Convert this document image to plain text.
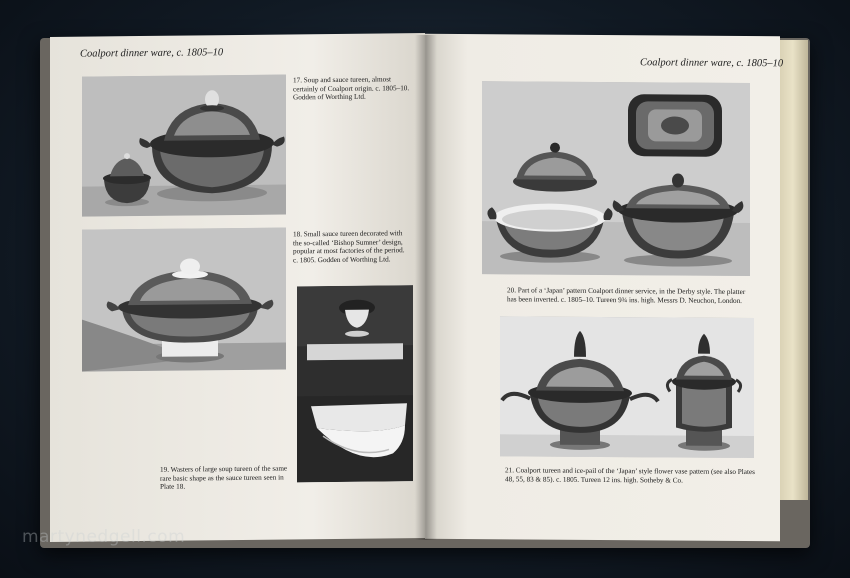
Coalport dinner ware, c. 1805–10
17. Soup and sauce tureen, almost certainly of Coalport origin. c. 1805–10. Godden of Worthing Ltd.
18. Small sauce tureen decorated with the so-called ‘Bishop Sumner’ design, popular at most factories of the period. c. 1805. Godden of Worthing Ltd.
19. Wasters of large soup tureen of the same rare basic shape as the sauce tureen seen in Plate 18.
Coalport dinner ware, c. 1805–10
20. Part of a ‘Japan’ pattern Coalport dinner service, in the Derby style. The platter has been inverted. c. 1805–10. Tureen 9¾ ins. high. Messrs D. Neuchon, London.
21. Coalport tureen and ice-pail of the ‘Japan’ style flower vase pattern (see also Plates 48, 55, 83 & 85). c. 1805. Tureen 12 ins. high. Sotheby & Co.
martynedgell.com
